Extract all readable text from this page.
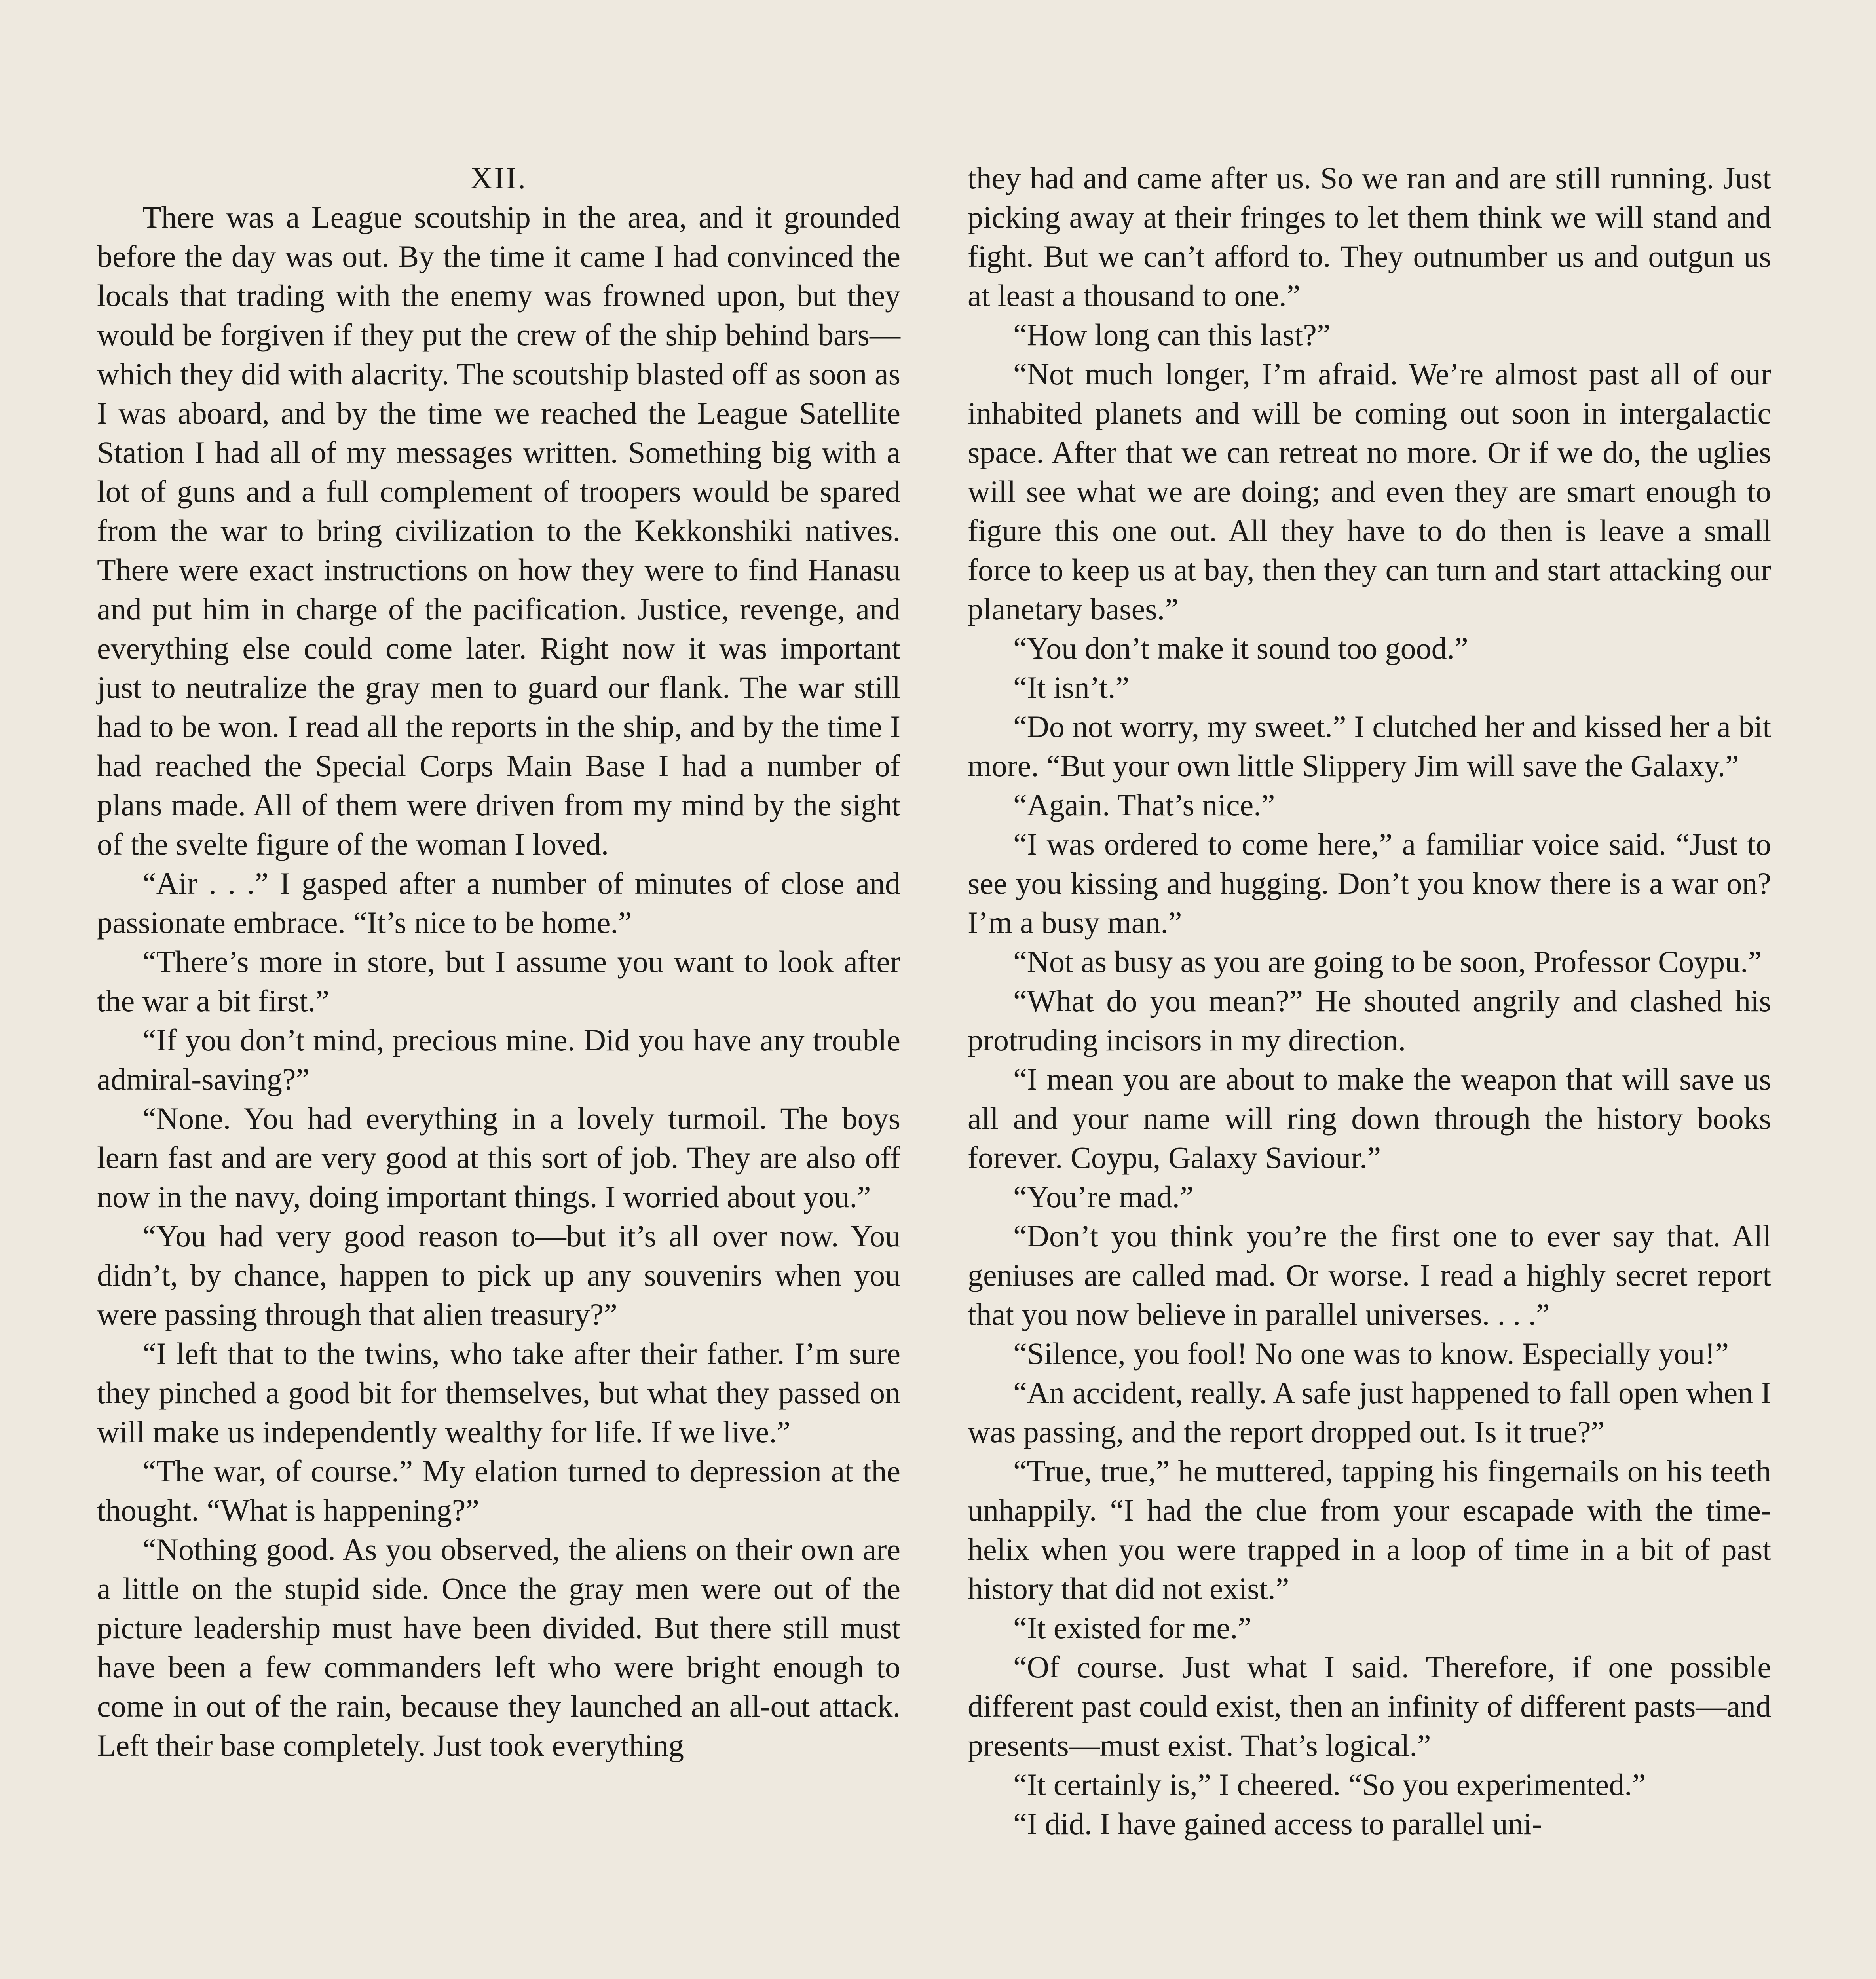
XII.

There was a League scoutship in the area, and it grounded before the day was out. By the time it came I had convinced the locals that trading with the enemy was frowned upon, but they would be forgiven if they put the crew of the ship behind bars—which they did with alacrity. The scoutship blasted off as soon as I was aboard, and by the time we reached the League Satellite Station I had all of my messages written. Something big with a lot of guns and a full complement of troopers would be spared from the war to bring civilization to the Kekkonshiki natives. There were exact instructions on how they were to find Hanasu and put him in charge of the pacification. Justice, revenge, and everything else could come later. Right now it was important just to neutralize the gray men to guard our flank. The war still had to be won. I read all the reports in the ship, and by the time I had reached the Special Corps Main Base I had a number of plans made. All of them were driven from my mind by the sight of the svelte figure of the woman I loved.

“Air . . .” I gasped after a number of minutes of close and passionate embrace. “It’s nice to be home.”

“There’s more in store, but I assume you want to look after the war a bit first.”

“If you don’t mind, precious mine. Did you have any trouble admiral-saving?”

“None. You had everything in a lovely turmoil. The boys learn fast and are very good at this sort of job. They are also off now in the navy, doing important things. I worried about you.”

“You had very good reason to—but it’s all over now. You didn’t, by chance, happen to pick up any souvenirs when you were passing through that alien treasury?”

“I left that to the twins, who take after their father. I’m sure they pinched a good bit for themselves, but what they passed on will make us independently wealthy for life. If we live.”

“The war, of course.” My elation turned to depression at the thought. “What is happening?”

“Nothing good. As you observed, the aliens on their own are a little on the stupid side. Once the gray men were out of the picture leadership must have been divided. But there still must have been a few commanders left who were bright enough to come in out of the rain, because they launched an all-out attack. Left their base completely. Just took everything

they had and came after us. So we ran and are still running. Just picking away at their fringes to let them think we will stand and fight. But we can’t afford to. They outnumber us and outgun us at least a thousand to one.”

“How long can this last?”

“Not much longer, I’m afraid. We’re almost past all of our inhabited planets and will be coming out soon in intergalactic space. After that we can retreat no more. Or if we do, the uglies will see what we are doing; and even they are smart enough to figure this one out. All they have to do then is leave a small force to keep us at bay, then they can turn and start attacking our planetary bases.”

“You don’t make it sound too good.”

“It isn’t.”

“Do not worry, my sweet.” I clutched her and kissed her a bit more. “But your own little Slippery Jim will save the Galaxy.”

“Again. That’s nice.”

“I was ordered to come here,” a familiar voice said. “Just to see you kissing and hugging. Don’t you know there is a war on? I’m a busy man.”

“Not as busy as you are going to be soon, Professor Coypu.”

“What do you mean?” He shouted angrily and clashed his protruding incisors in my direction.

“I mean you are about to make the weapon that will save us all and your name will ring down through the history books forever. Coypu, Galaxy Saviour.”

“You’re mad.”

“Don’t you think you’re the first one to ever say that. All geniuses are called mad. Or worse. I read a highly secret report that you now believe in parallel universes. . . .”

“Silence, you fool! No one was to know. Especially you!”

“An accident, really. A safe just happened to fall open when I was passing, and the report dropped out. Is it true?”

“True, true,” he muttered, tapping his fingernails on his teeth unhappily. “I had the clue from your escapade with the time-helix when you were trapped in a loop of time in a bit of past history that did not exist.”

“It existed for me.”

“Of course. Just what I said. Therefore, if one possible different past could exist, then an infinity of different pasts—and presents—must exist. That’s logical.”

“It certainly is,” I cheered. “So you experimented.”

“I did. I have gained access to parallel uni-
